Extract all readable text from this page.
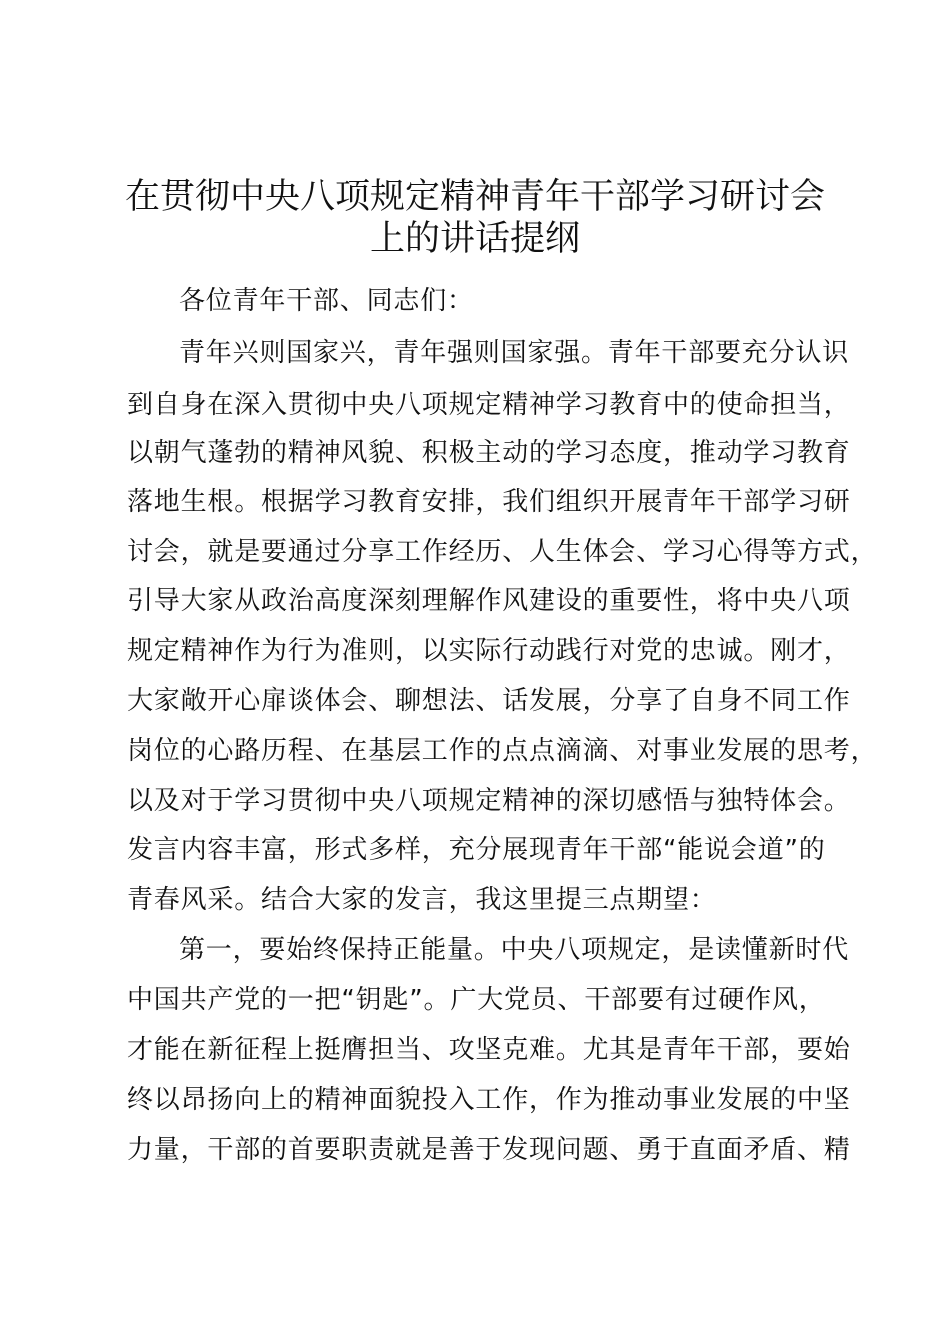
在贯彻中央八项规定精神青年干部学习研讨会
上的讲话提纲

各位青年干部、同志们：

青年兴则国家兴，青年强则国家强。青年干部要充分认识

到自身在深入贯彻中央八项规定精神学习教育中的使命担当，

以朝气蓬勃的精神风貌、积极主动的学习态度，推动学习教育

落地生根。根据学习教育安排，我们组织开展青年干部学习研

讨会，就是要通过分享工作经历、人生体会、学习心得等方式，

引导大家从政治高度深刻理解作风建设的重要性，将中央八项

规定精神作为行为准则，以实际行动践行对党的忠诚。刚才，

大家敞开心扉谈体会、聊想法、话发展，分享了自身不同工作

岗位的心路历程、在基层工作的点点滴滴、对事业发展的思考，

以及对于学习贯彻中央八项规定精神的深切感悟与独特体会。

发言内容丰富，形式多样，充分展现青年干部“能说会道”的

青春风采。结合大家的发言，我这里提三点期望：

第一，要始终保持正能量。中央八项规定，是读懂新时代

中国共产党的一把“钥匙”。广大党员、干部要有过硬作风，

才能在新征程上挺膺担当、攻坚克难。尤其是青年干部，要始

终以昂扬向上的精神面貌投入工作，作为推动事业发展的中坚

力量，干部的首要职责就是善于发现问题、勇于直面矛盾、精
